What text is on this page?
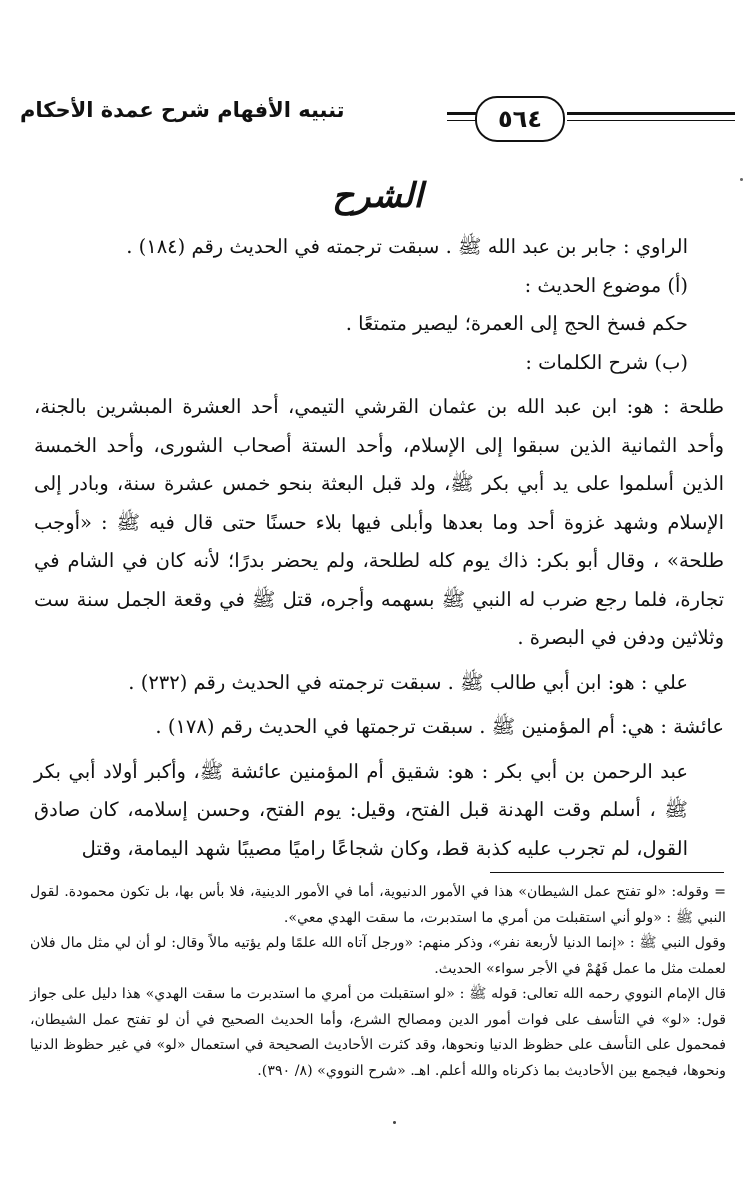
٥٦٤
تنبيه الأفهام شرح عمدة الأحكام
الشرح

الراوي : جابر بن عبد الله ﷺ . سبقت ترجمته في الحديث رقم (١٨٤) .

(أ) موضوع الحديث :

حكم فسخ الحج إلى العمرة؛ ليصير متمتعًا .

(ب) شرح الكلمات :

طلحة : هو: ابن عبد الله بن عثمان القرشي التيمي، أحد العشرة المبشرين بالجنة، وأحد الثمانية الذين سبقوا إلى الإسلام، وأحد الستة أصحاب الشورى، وأحد الخمسة الذين أسلموا على يد أبي بكر ﷺ، ولد قبل البعثة بنحو خمس عشرة سنة، وبادر إلى الإسلام وشهد غزوة أحد وما بعدها وأبلى فيها بلاء حسنًا حتى قال فيه ﷺ : «أوجب طلحة» ، وقال أبو بكر: ذاك يوم كله لطلحة، ولم يحضر بدرًا؛ لأنه كان في الشام في تجارة، فلما رجع ضرب له النبي ﷺ بسهمه وأجره، قتل ﷺ في وقعة الجمل سنة ست وثلاثين ودفن في البصرة .

علي : هو: ابن أبي طالب ﷺ . سبقت ترجمته في الحديث رقم (٢٣٢) .

عائشة : هي: أم المؤمنين ﷺ . سبقت ترجمتها في الحديث رقم (١٧٨) .

عبد الرحمن بن أبي بكر : هو: شقيق أم المؤمنين عائشة ﷺ، وأكبر أولاد أبي بكر ﷺ ، أسلم وقت الهدنة قبل الفتح، وقيل: يوم الفتح، وحسن إسلامه، كان صادق القول، لم تجرب عليه كذبة قط، وكان شجاعًا راميًا مصيبًا شهد اليمامة، وقتل

= وقوله: «لو تفتح عمل الشيطان» هذا في الأمور الدنيوية، أما في الأمور الدينية، فلا بأس بها، بل تكون محمودة. لقول النبي ﷺ : «ولو أني استقبلت من أمري ما استدبرت، ما سقت الهدي معي».

وقول النبي ﷺ : «إنما الدنيا لأربعة نفر»، وذكر منهم: «ورجل آتاه الله علمًا ولم يؤتيه مالاً وقال: لو أن لي مثل مال فلان لعملت مثل ما عمل فَهُمْ في الأجر سواء» الحديث.

قال الإمام النووي رحمه الله تعالى: قوله ﷺ : «لو استقبلت من أمري ما استدبرت ما سقت الهدي» هذا دليل على جواز قول: «لو» في التأسف على فوات أمور الدين ومصالح الشرع، وأما الحديث الصحيح في أن لو تفتح عمل الشيطان، فمحمول على التأسف على حظوظ الدنيا ونحوها، وقد كثرت الأحاديث الصحيحة في استعمال «لو» في غير حظوظ الدنيا ونحوها، فيجمع بين الأحاديث بما ذكرناه والله أعلم. اهـ. «شرح النووي» (٨/ ٣٩٠).
